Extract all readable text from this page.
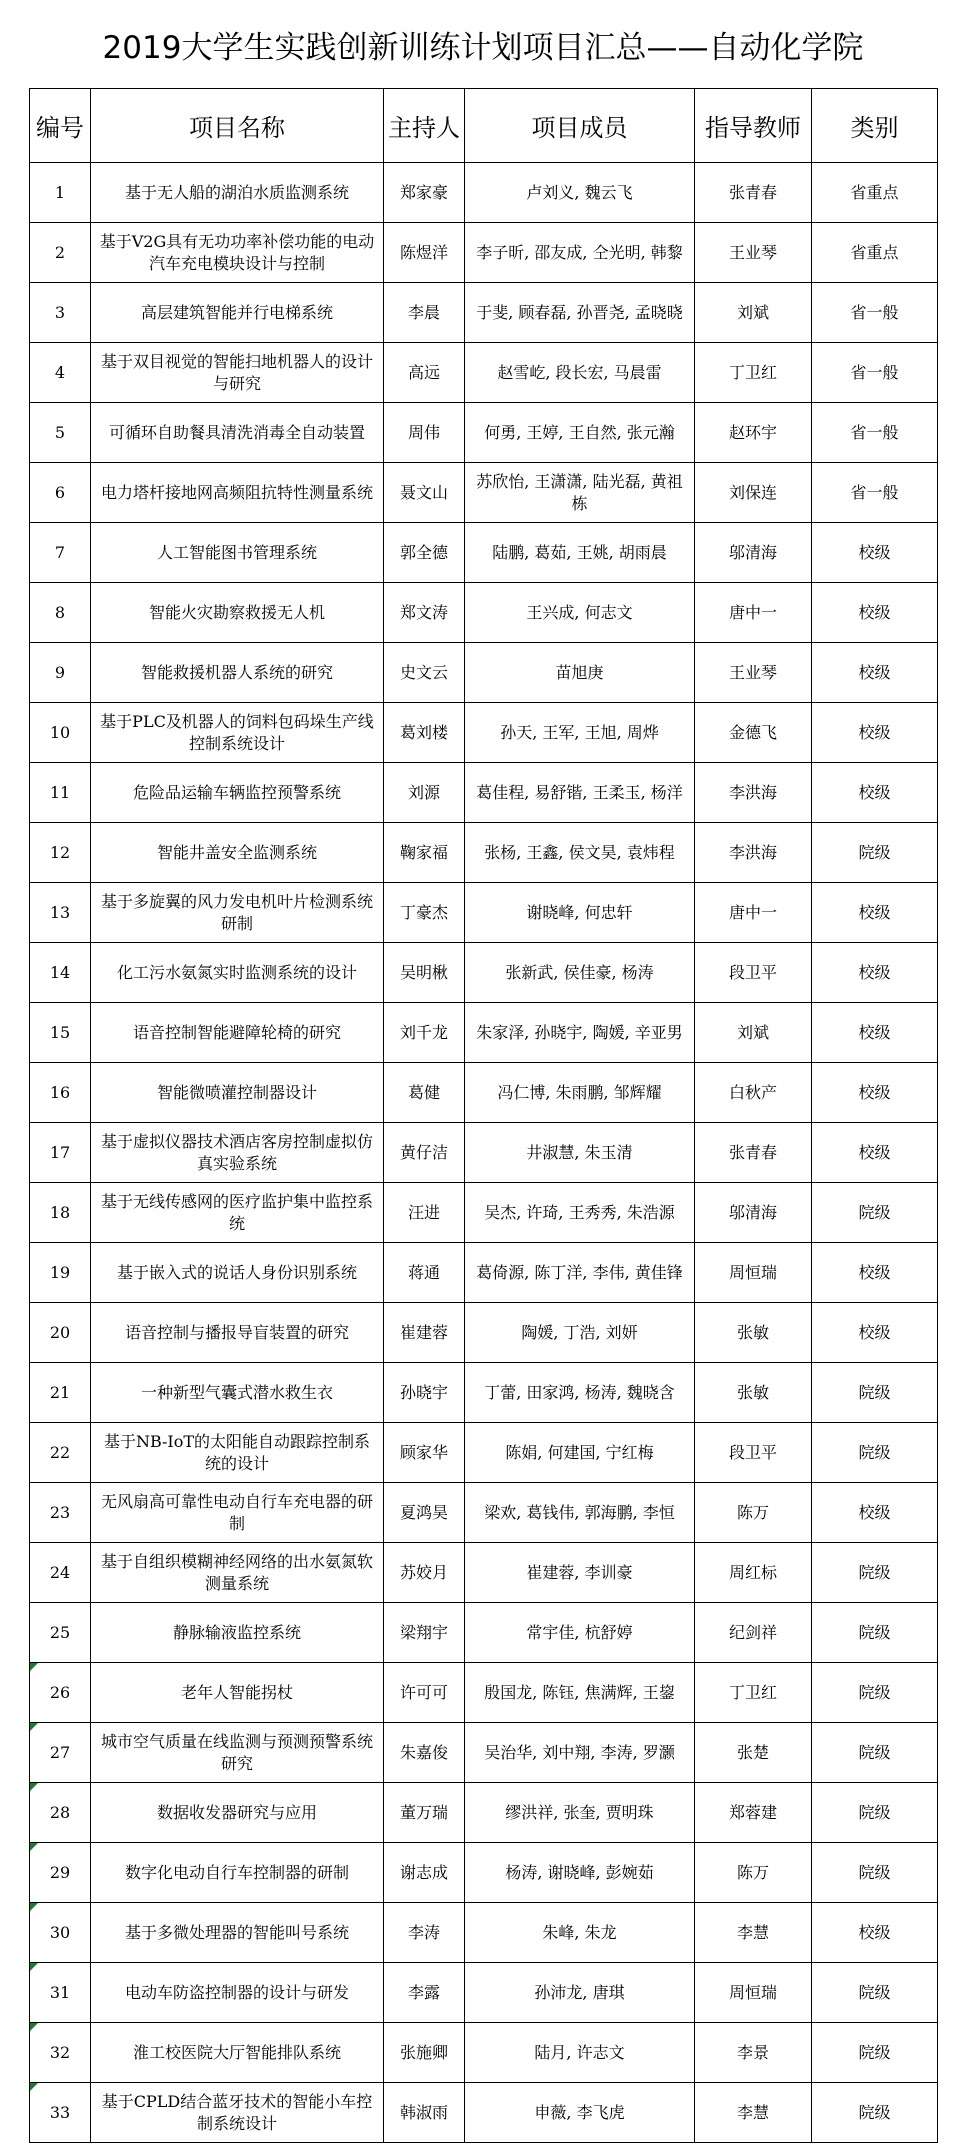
2019大学生实践创新训练计划项目汇总——自动化学院
编号	项目名称	主持人	项目成员	指导教师	类别
1	基于无人船的湖泊水质监测系统	郑家豪	卢刘义, 魏云飞	张青春	省重点
2	基于V2G具有无功功率补偿功能的电动汽车充电模块设计与控制	陈煜洋	李子昕, 邵友成, 仝光明, 韩黎	王业琴	省重点
3	高层建筑智能并行电梯系统	李晨	于斐, 顾春磊, 孙晋尧, 孟晓晓	刘斌	省一般
4	基于双目视觉的智能扫地机器人的设计与研究	高远	赵雪屹, 段长宏, 马晨雷	丁卫红	省一般
5	可循环自助餐具清洗消毒全自动装置	周伟	何勇, 王婷, 王自然, 张元瀚	赵环宇	省一般
6	电力塔杆接地网高频阻抗特性测量系统	聂文山	苏欣怡, 王潇潇, 陆光磊, 黄祖栋	刘保连	省一般
7	人工智能图书管理系统	郭全德	陆鹏, 葛茹, 王姚, 胡雨晨	邬清海	校级
8	智能火灾勘察救援无人机	郑文涛	王兴成, 何志文	唐中一	校级
9	智能救援机器人系统的研究	史文云	苗旭庚	王业琴	校级
10	基于PLC及机器人的饲料包码垛生产线控制系统设计	葛刘楼	孙天, 王军, 王旭, 周烨	金德飞	校级
11	危险品运输车辆监控预警系统	刘源	葛佳程, 易舒锴, 王柔玉, 杨洋	李洪海	校级
12	智能井盖安全监测系统	鞠家福	张杨, 王鑫, 侯文昊, 袁炜程	李洪海	院级
13	基于多旋翼的风力发电机叶片检测系统研制	丁豪杰	谢晓峰, 何忠轩	唐中一	校级
14	化工污水氨氮实时监测系统的设计	吴明楸	张新武, 侯佳豪, 杨涛	段卫平	校级
15	语音控制智能避障轮椅的研究	刘千龙	朱家泽, 孙晓宇, 陶媛, 辛亚男	刘斌	校级
16	智能微喷灌控制器设计	葛健	冯仁博, 朱雨鹏, 邹辉耀	白秋产	校级
17	基于虚拟仪器技术酒店客房控制虚拟仿真实验系统	黄仔洁	井淑慧, 朱玉清	张青春	校级
18	基于无线传感网的医疗监护集中监控系统	汪进	吴杰, 许琦, 王秀秀, 朱浩源	邬清海	院级
19	基于嵌入式的说话人身份识别系统	蒋通	葛倚源, 陈丁洋, 李伟, 黄佳锋	周恒瑞	校级
20	语音控制与播报导盲装置的研究	崔建蓉	陶媛, 丁浩, 刘妍	张敏	校级
21	一种新型气囊式潜水救生衣	孙晓宇	丁蕾, 田家鸿, 杨涛, 魏晓含	张敏	院级
22	基于NB-IoT的太阳能自动跟踪控制系统的设计	顾家华	陈娟, 何建国, 宁红梅	段卫平	院级
23	无风扇高可靠性电动自行车充电器的研制	夏鸿昊	梁欢, 葛钱伟, 郭海鹏, 李恒	陈万	校级
24	基于自组织模糊神经网络的出水氨氮软测量系统	苏姣月	崔建蓉, 李训豪	周红标	院级
25	静脉输液监控系统	梁翔宇	常宇佳, 杭舒婷	纪剑祥	院级
26	老年人智能拐杖	许可可	殷国龙, 陈钰, 焦满辉, 王鋆	丁卫红	院级
27	城市空气质量在线监测与预测预警系统研究	朱嘉俊	吴治华, 刘中翔, 李涛, 罗灏	张楚	院级
28	数据收发器研究与应用	董万瑞	缪洪祥, 张奎, 贾明珠	郑蓉建	院级
29	数字化电动自行车控制器的研制	谢志成	杨涛, 谢晓峰, 彭婉茹	陈万	院级
30	基于多微处理器的智能叫号系统	李涛	朱峰, 朱龙	李慧	校级
31	电动车防盗控制器的设计与研发	李露	孙沛龙, 唐琪	周恒瑞	院级
32	淮工校医院大厅智能排队系统	张施卿	陆月, 许志文	李景	院级
33	基于CPLD结合蓝牙技术的智能小车控制系统设计	韩淑雨	申薇, 李飞虎	李慧	院级
